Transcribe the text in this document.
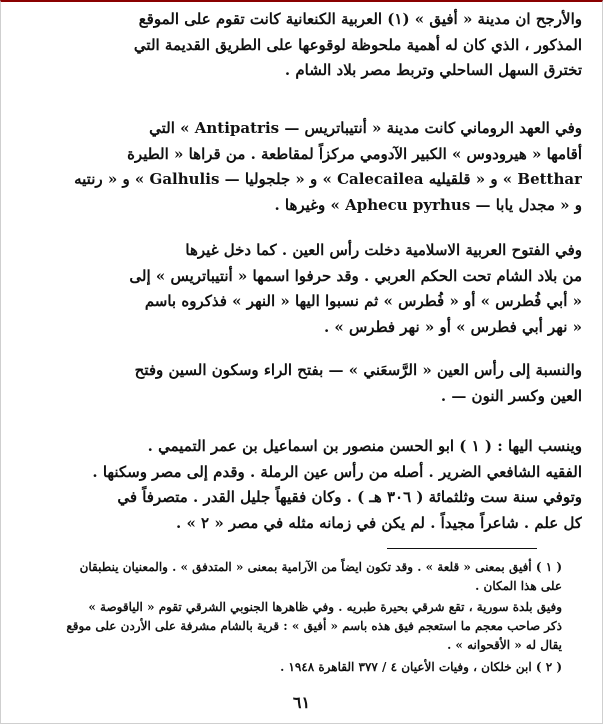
والأرجح ان مدينة « أفيق » (١) العربية الكنعانية كانت تقوم على الموقع
المذكور ، الذي كان له أهمية ملحوظة لوقوعها على الطريق القديمة التي
تخترق السهل الساحلي وتربط مصر بلاد الشام .
وفي العهد الروماني كانت مدينة « أنتيباتريس — Antipatris » التي
أقامها « هيرودوس » الكبير الآدومي مركزاً لمقاطعة . من قراها « الطيرة
Betthar » و « قلقيليه Calecailea » و « جلجوليا — Galhulis » و « رنتيه
و « مجدل يابا — Aphecu pyrhus » وغيرها .
وفي الفتوح العربية الاسلامية دخلت رأس العين . كما دخل غيرها
من بلاد الشام تحت الحكم العربي . وقد حرفوا اسمها « أنتيباتريس » إلى
« أبي فُطرس » أو « فُطرس » ثم نسبوا اليها « النهر » فذكروه باسم
« نهر أبي فطرس » أو « نهر فطرس » .
والنسبة إلى رأس العين « الرَّسعَني » — بفتح الراء وسكون السين وفتح
العين وكسر النون — .
وينسب اليها : ( ١ ) ابو الحسن منصور بن اسماعيل بن عمر التميمي .
الفقيه الشافعي الضرير . أصله من رأس عين الرملة . وقدم إلى مصر وسكنها .
وتوفي سنة ست وثلثمائة ( ٣٠٦ هـ ) . وكان فقيهاً جليل القدر . متصرفاً في
كل علم . شاعراً مجيداً . لم يكن في زمانه مثله في مصر « ٢ » .
( ١ ) أفيق بمعنى « قلعة » . وقد تكون ايضاً من الآرامية بمعنى « المتدفق » . والمعنيان ينطبقان
على هذا المكان .
وفيق بلدة سورية ، تقع شرقي بحيرة طبريه . وفي ظاهرها الجنوبي الشرقي تقوم « الياقوصة »
ذكر صاحب معجم ما استعجم فيق هذه باسم « أفيق » : قرية بالشام مشرفة على الأردن على موقع
يقال له « الأقحوانه » .
( ٢ ) ابن خلكان ، وفيات الأعيان ٤ / ٣٧٧ القاهرة ١٩٤٨ .
٦١
